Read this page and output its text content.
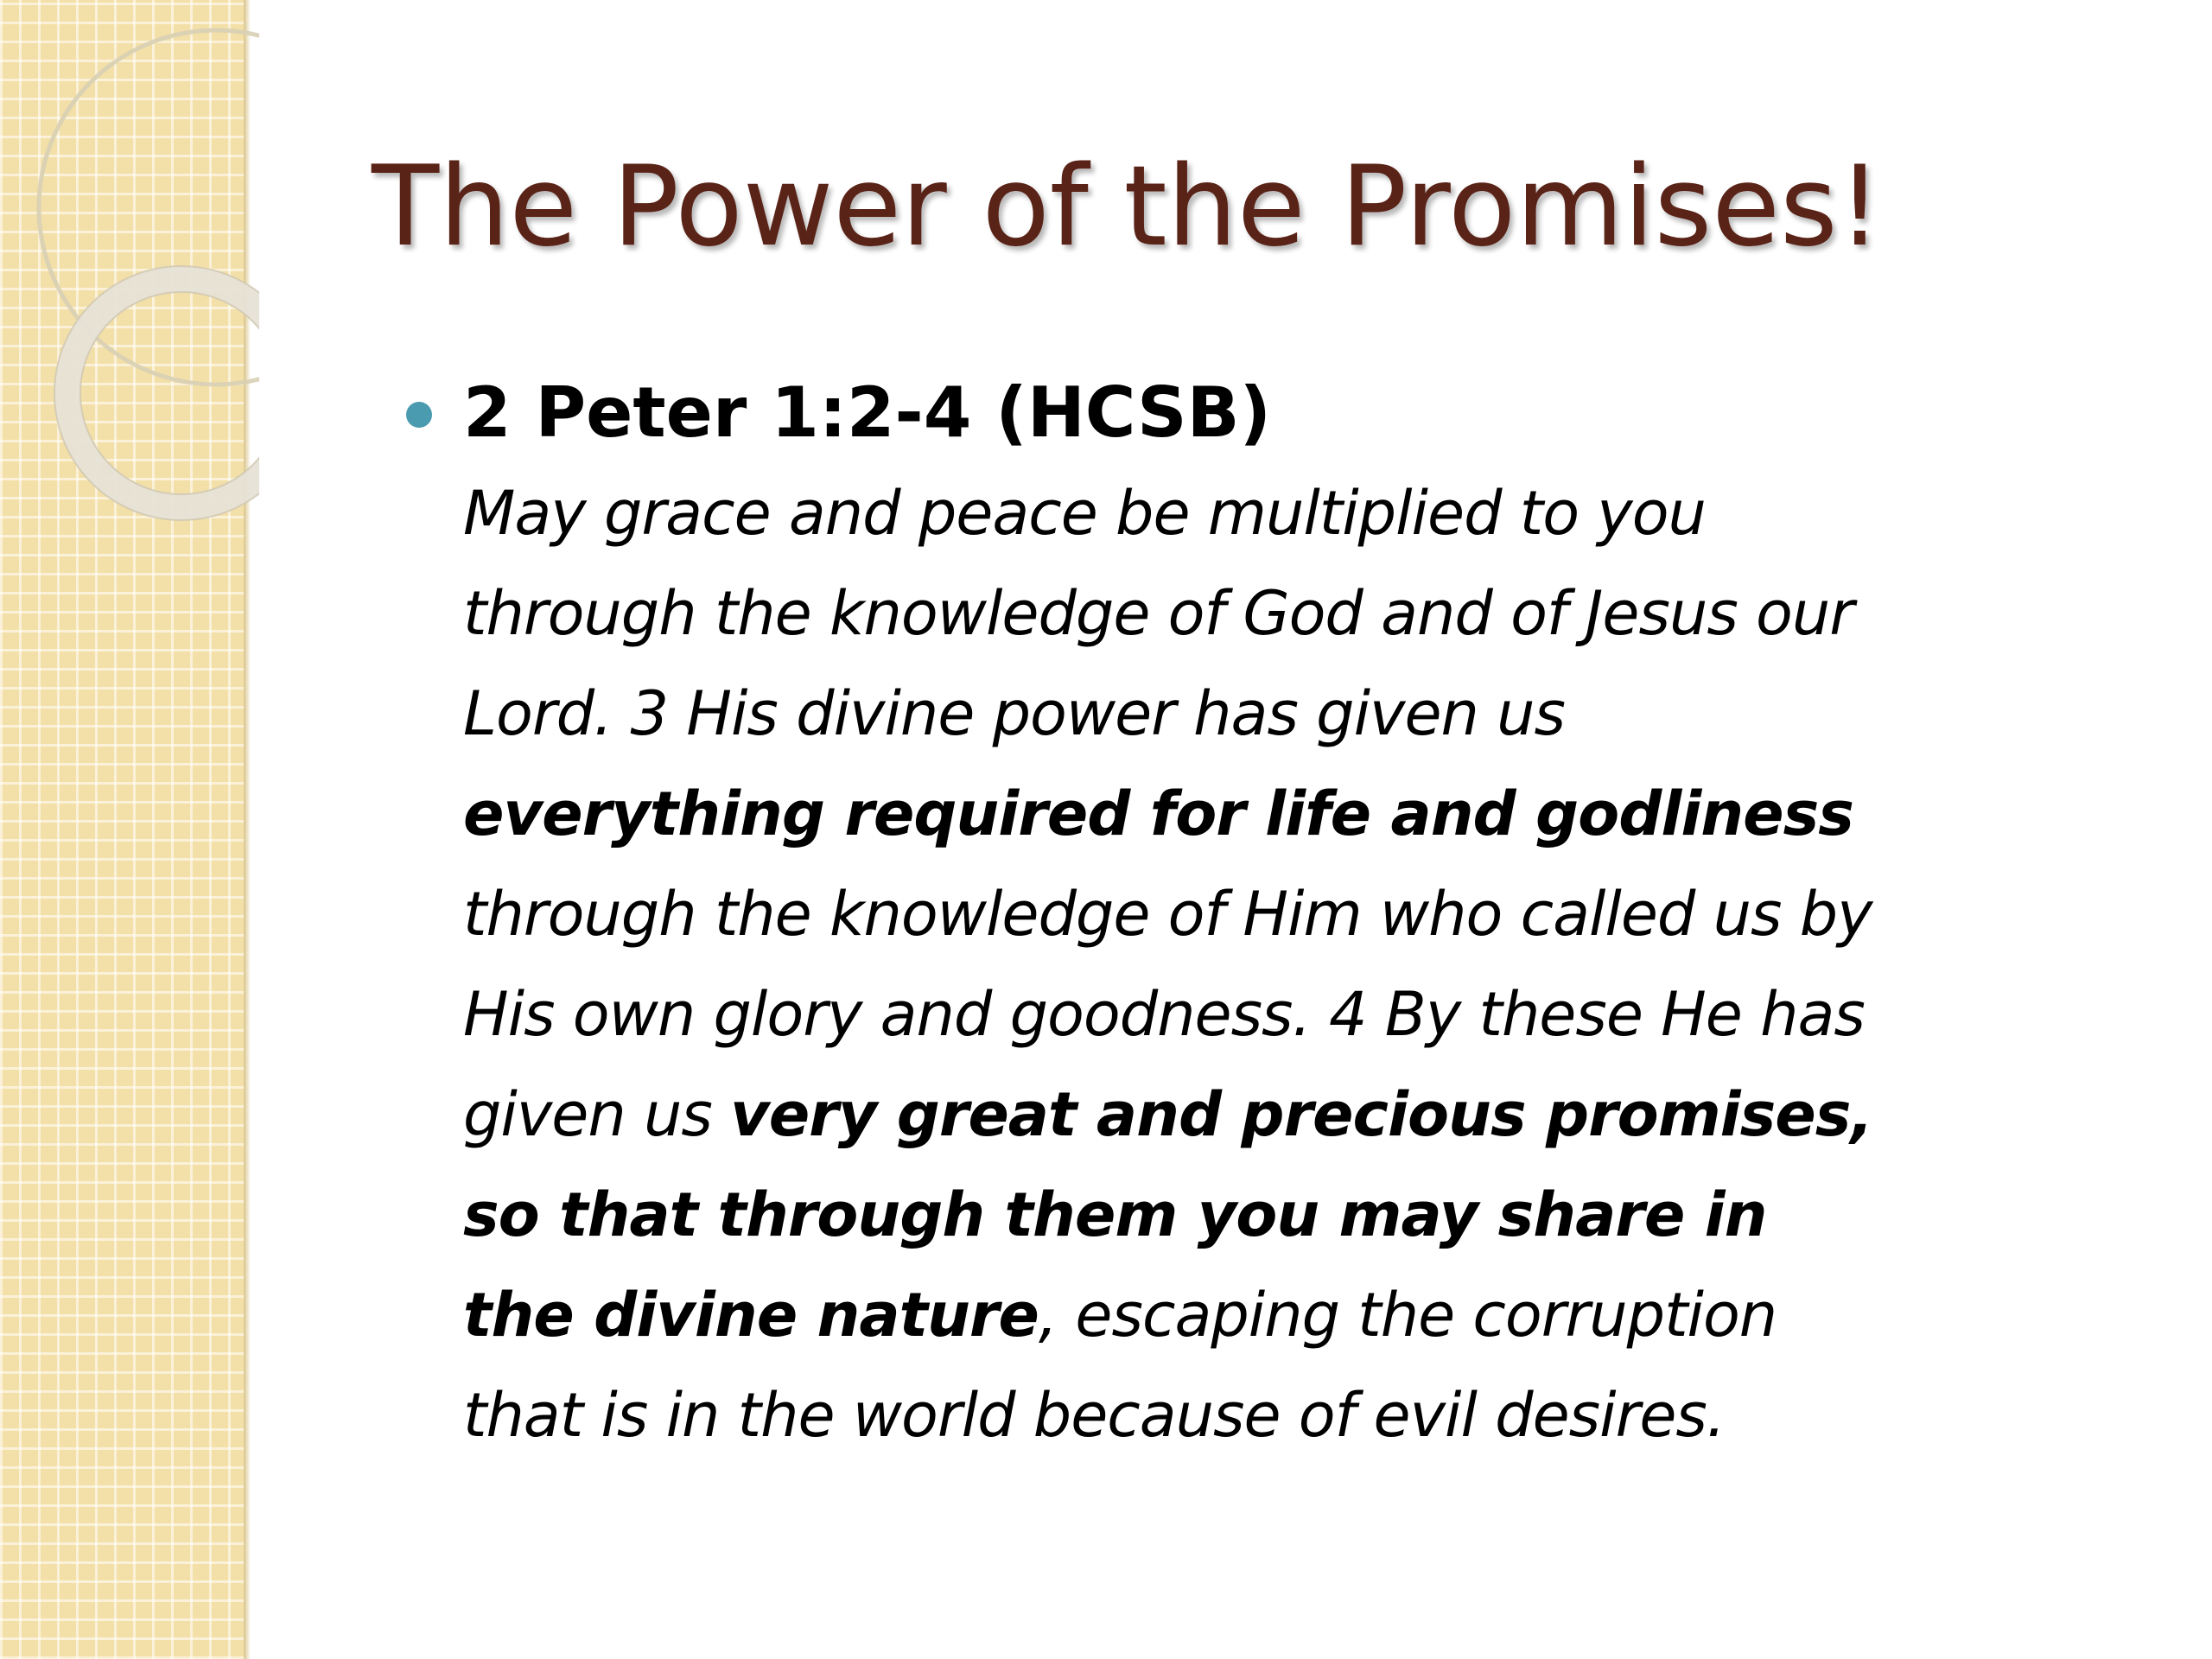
The Power of the Promises!
2 Peter 1:2-4 (HCSB)
May grace and peace be multiplied to you
through the knowledge of God and of Jesus our
Lord. 3 His divine power has given us
everything required for life and godliness
through the knowledge of Him who called us by
His own glory and goodness. 4 By these He has
given us very great and precious promises,
so that through them you may share in
the divine nature, escaping the corruption
that is in the world because of evil desires.
